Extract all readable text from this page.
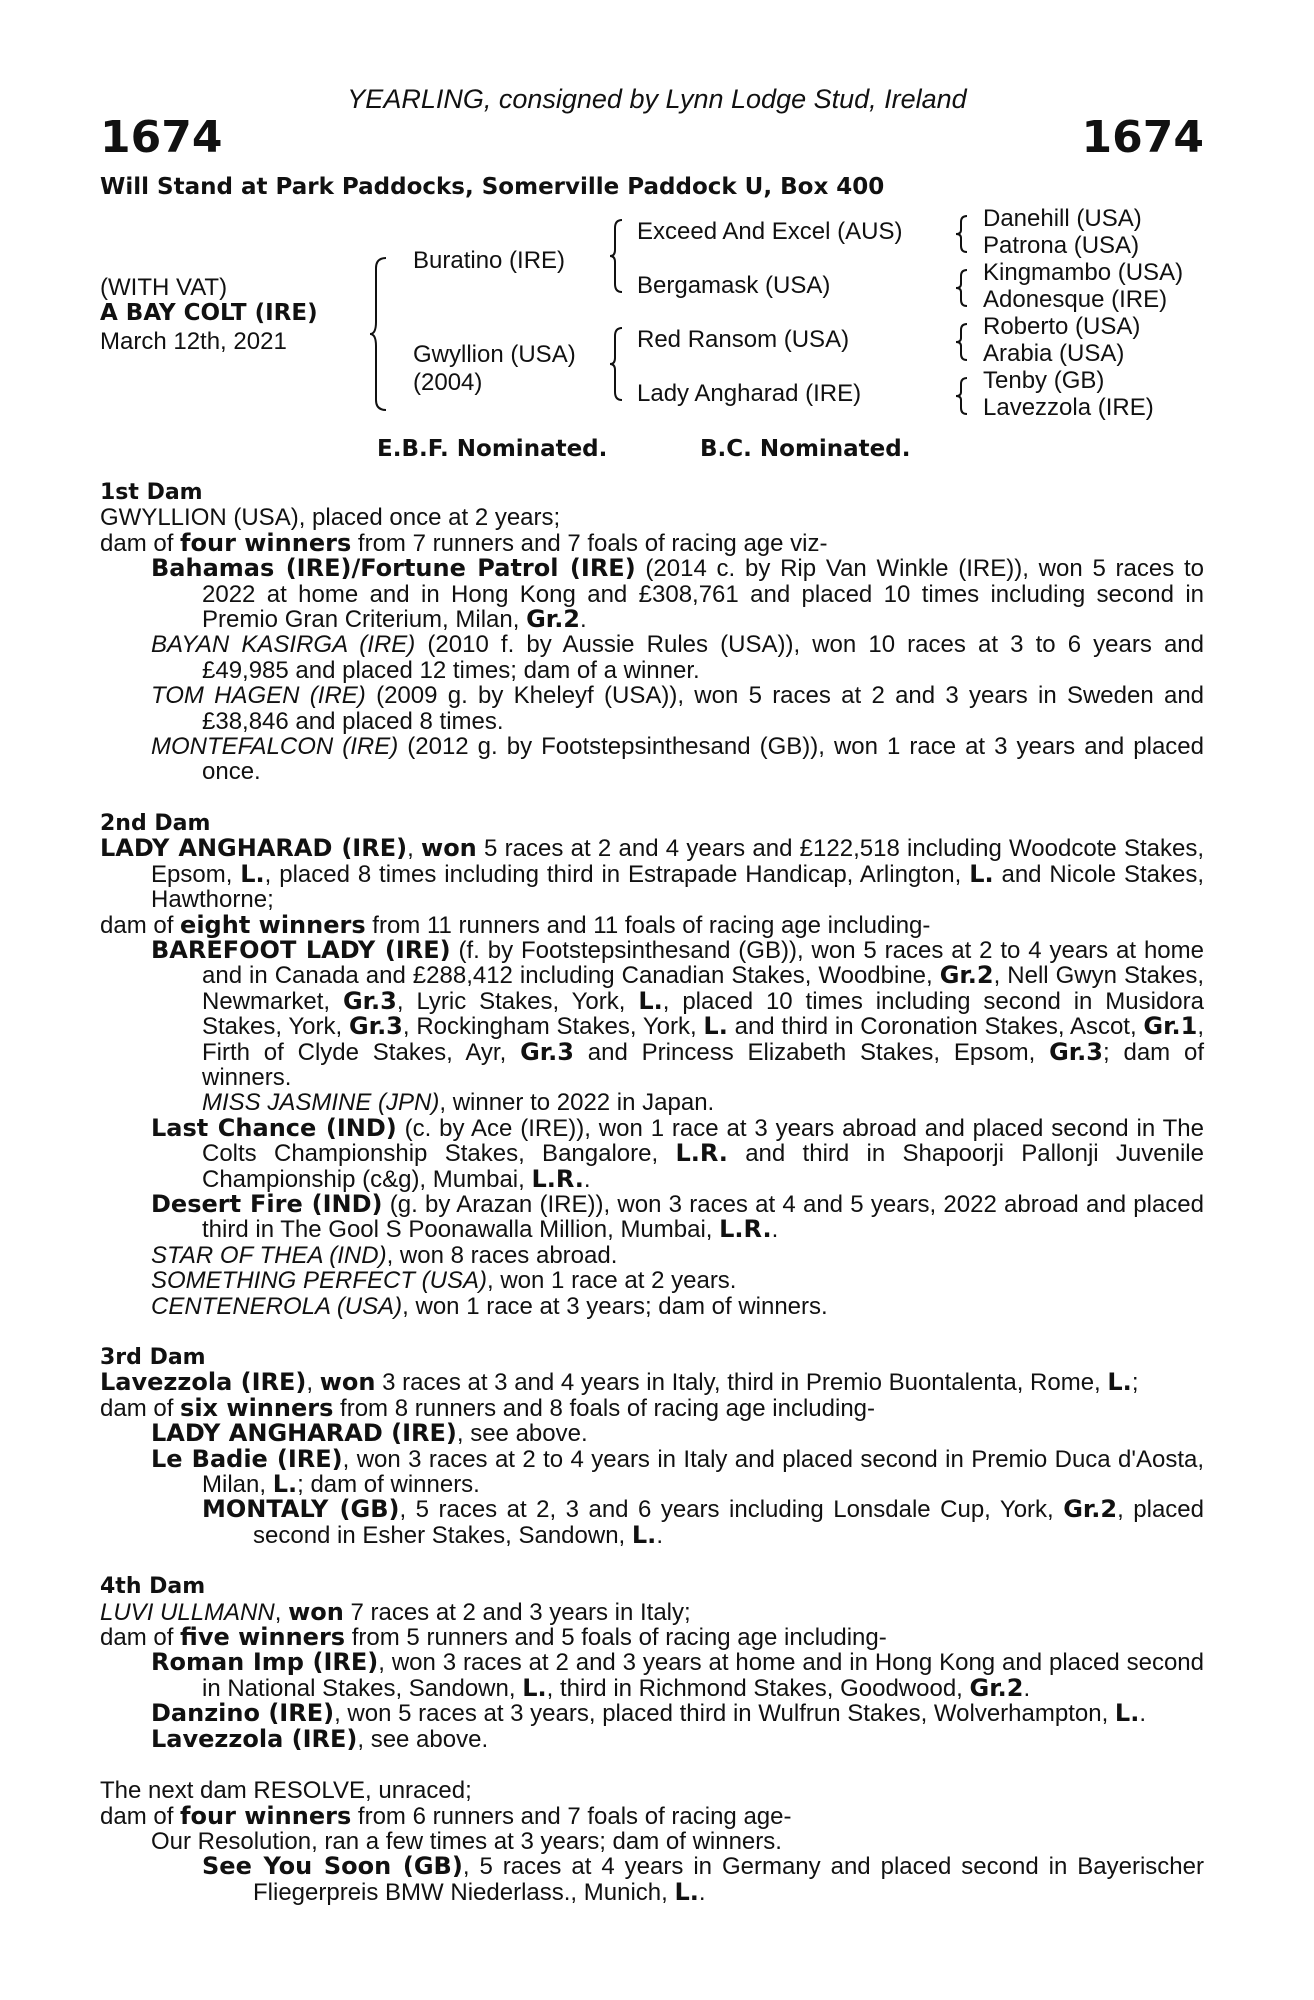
1674	1674
YEARLING, consigned by Lynn Lodge Stud, Ireland
Will Stand at Park Paddocks, Somerville Paddock U, Box 400
(WITH VAT)
A BAY COLT (IRE)
March 12th, 2021
Buratino (IRE)
Gwyllion (USA)
(2004)
Exceed And Excel (AUS)
Bergamask (USA)
Red Ransom (USA)
Lady Angharad (IRE)
Danehill (USA)
Patrona (USA)
Kingmambo (USA)
Adonesque (IRE)
Roberto (USA)
Arabia (USA)
Tenby (GB)
Lavezzola (IRE)
E.B.F. Nominated.	B.C. Nominated.

1st Dam

GWYLLION (USA), placed once at 2 years;

dam of four winners from 7 runners and 7 foals of racing age viz-

Bahamas (IRE)/Fortune Patrol (IRE) (2014 c. by Rip Van Winkle (IRE)), won 5 races to 2022 at home and in Hong Kong and £308,761 and placed 10 times including second in Premio Gran Criterium, Milan, Gr.2.

BAYAN KASIRGA (IRE) (2010 f. by Aussie Rules (USA)), won 10 races at 3 to 6 years and £49,985 and placed 12 times; dam of a winner.

TOM HAGEN (IRE) (2009 g. by Kheleyf (USA)), won 5 races at 2 and 3 years in Sweden and £38,846 and placed 8 times.

MONTEFALCON (IRE) (2012 g. by Footstepsinthesand (GB)), won 1 race at 3 years and placed once.

2nd Dam

LADY ANGHARAD (IRE), won 5 races at 2 and 4 years and £122,518 including Woodcote Stakes, Epsom, L., placed 8 times including third in Estrapade Handicap, Arlington, L. and Nicole Stakes, Hawthorne;

dam of eight winners from 11 runners and 11 foals of racing age including-

BAREFOOT LADY (IRE) (f. by Footstepsinthesand (GB)), won 5 races at 2 to 4 years at home and in Canada and £288,412 including Canadian Stakes, Woodbine, Gr.2, Nell Gwyn Stakes, Newmarket, Gr.3, Lyric Stakes, York, L., placed 10 times including second in Musidora Stakes, York, Gr.3, Rockingham Stakes, York, L. and third in Coronation Stakes, Ascot, Gr.1, Firth of Clyde Stakes, Ayr, Gr.3 and Princess Elizabeth Stakes, Epsom, Gr.3; dam of winners.

MISS JASMINE (JPN), winner to 2022 in Japan.

Last Chance (IND) (c. by Ace (IRE)), won 1 race at 3 years abroad and placed second in The Colts Championship Stakes, Bangalore, L.R. and third in Shapoorji Pallonji Juvenile Championship (c&g), Mumbai, L.R..

Desert Fire (IND) (g. by Arazan (IRE)), won 3 races at 4 and 5 years, 2022 abroad and placed third in The Gool S Poonawalla Million, Mumbai, L.R..

STAR OF THEA (IND), won 8 races abroad.

SOMETHING PERFECT (USA), won 1 race at 2 years.

CENTENEROLA (USA), won 1 race at 3 years; dam of winners.

3rd Dam

Lavezzola (IRE), won 3 races at 3 and 4 years in Italy, third in Premio Buontalenta, Rome, L.;

dam of six winners from 8 runners and 8 foals of racing age including-

LADY ANGHARAD (IRE), see above.

Le Badie (IRE), won 3 races at 2 to 4 years in Italy and placed second in Premio Duca d'Aosta, Milan, L.; dam of winners.

MONTALY (GB), 5 races at 2, 3 and 6 years including Lonsdale Cup, York, Gr.2, placed second in Esher Stakes, Sandown, L..

4th Dam

LUVI ULLMANN, won 7 races at 2 and 3 years in Italy;

dam of five winners from 5 runners and 5 foals of racing age including-

Roman Imp (IRE), won 3 races at 2 and 3 years at home and in Hong Kong and placed second in National Stakes, Sandown, L., third in Richmond Stakes, Goodwood, Gr.2.

Danzino (IRE), won 5 races at 3 years, placed third in Wulfrun Stakes, Wolverhampton, L..

Lavezzola (IRE), see above.

The next dam RESOLVE, unraced;

dam of four winners from 6 runners and 7 foals of racing age-

Our Resolution, ran a few times at 3 years; dam of winners.

See You Soon (GB), 5 races at 4 years in Germany and placed second in Bayerischer Fliegerpreis BMW Niederlass., Munich, L..
